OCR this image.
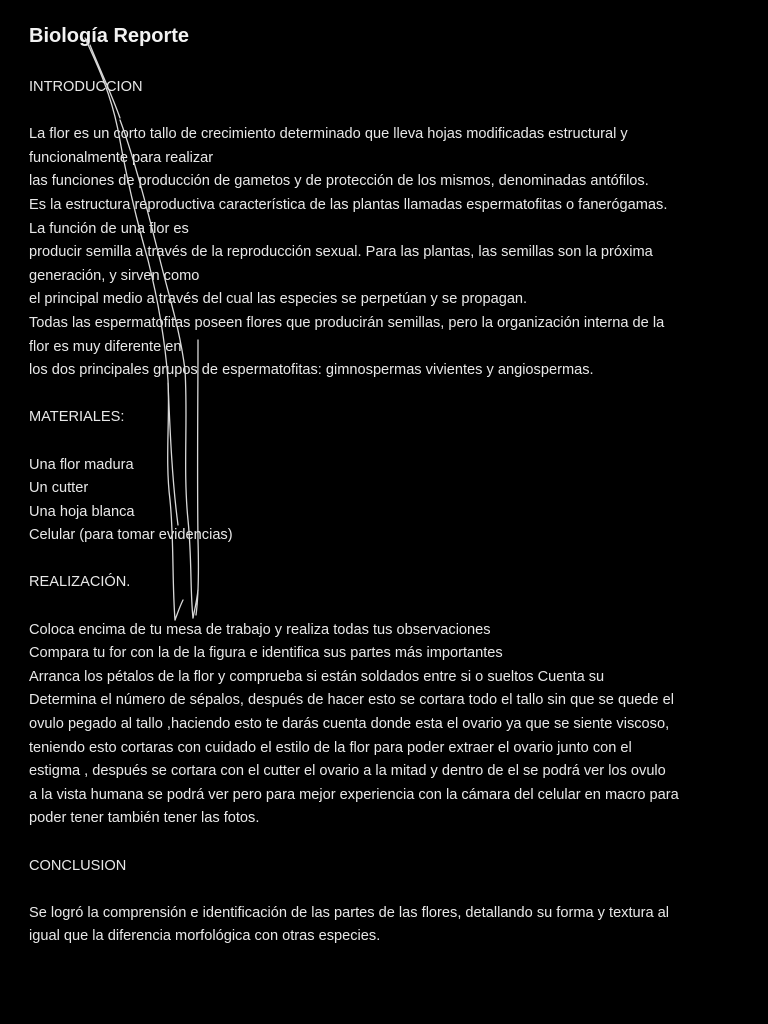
Biología Reporte
INTRODUCCION
La flor es un corto tallo de crecimiento determinado que lleva hojas modificadas estructural y
funcionalmente para realizar
las funciones de producción de gametos y de protección de los mismos, denominadas antófilos.
Es la estructura reproductiva característica de las plantas llamadas espermatofitas o fanerógamas.
La función de una flor es
producir semilla a través de la reproducción sexual. Para las plantas, las semillas son la próxima
generación, y sirven como
el principal medio a través del cual las especies se perpetúan y se propagan.
Todas las espermatofitas poseen flores que producirán semillas, pero la organización interna de la
flor es muy diferente en
los dos principales grupos de espermatofitas: gimnospermas vivientes y angiospermas.
MATERIALES:
Una flor madura
Un cutter
Una hoja blanca
Celular (para tomar evidencias)
REALIZACIÓN.
Coloca encima de tu mesa de trabajo y realiza todas tus observaciones
Compara tu for con la de la figura e identifica sus partes más importantes
Arranca los pétalos de la flor y comprueba si están soldados entre si o sueltos Cuenta su
Determina el número de sépalos, después de hacer esto se cortara todo el tallo sin que se quede el
ovulo pegado al tallo ,haciendo esto te darás cuenta donde esta el ovario ya que se siente viscoso,
teniendo esto cortaras con cuidado el estilo de la flor para poder extraer el ovario junto con el
estigma , después se cortara con el cutter el ovario a la mitad y dentro de el se podrá ver los ovulo
a la vista humana se podrá ver pero para mejor experiencia con la cámara del celular en macro para
poder tener también tener las fotos.
CONCLUSION
Se logró la comprensión e identificación de las partes de las flores, detallando su forma y textura al
igual que la diferencia morfológica con otras especies.
